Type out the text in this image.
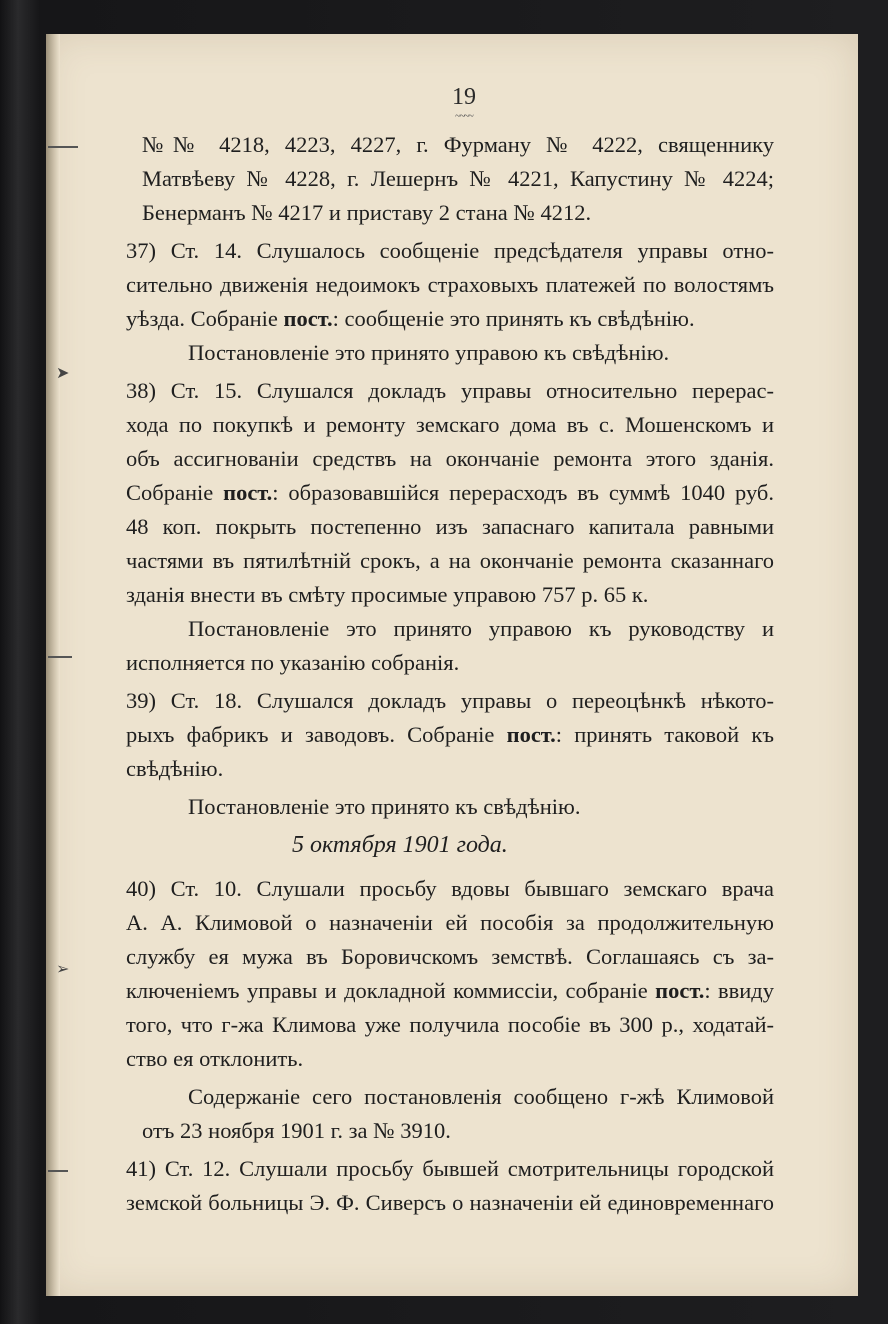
➤
➢
19
~~~~
№№ 4218, 4223, 4227, г. Фурману № 4222, священнику
Матвѣеву № 4228, г. Лешернъ № 4221, Капустину № 4224;
Бенерманъ № 4217 и приставу 2 стана № 4212.
37) Ст. 14. Слушалось сообщенiе предсѣдателя управы отно-
сительно движенiя недоимокъ страховыхъ платежей по волостямъ
уѣзда. Собранiе пост.: сообщенiе это принять къ свѣдѣнiю.
Постановленiе это принято управою къ свѣдѣнiю.
38) Ст. 15. Слушался докладъ управы относительно перерас-
хода по покупкѣ и ремонту земскаго дома въ с. Мошенскомъ и
объ ассигнованiи средствъ на окончанiе ремонта этого зданiя.
Собранiе пост.: образовавшiйся перерасходъ въ суммѣ 1040 руб.
48 коп. покрыть постепенно изъ запаснаго капитала равными
частями въ пятилѣтнiй срокъ, а на окончанiе ремонта сказаннаго
зданiя внести въ смѣту просимые управою 757 р. 65 к.
Постановленiе это принято управою къ руководству и
исполняется по указанiю собранiя.
39) Ст. 18. Слушался докладъ управы о переоцѣнкѣ нѣкото-
рыхъ фабрикъ и заводовъ. Собранiе пост.: принять таковой къ
свѣдѣнiю.
Постановленiе это принято къ свѣдѣнiю.
5 октября 1901 года.
40) Ст. 10. Слушали просьбу вдовы бывшаго земскаго врача
А. А. Климовой о назначенiи ей пособiя за продолжительную
службу ея мужа въ Боровичскомъ земствѣ. Соглашаясь съ за-
ключенiемъ управы и докладной коммиссiи, собранiе пост.: ввиду
того, что г-жа Климова уже получила пособiе въ 300 р., ходатай-
ство ея отклонить.
Содержанiе сего постановленiя сообщено г-жѣ Климовой
отъ 23 ноября 1901 г. за № 3910.
41) Ст. 12. Слушали просьбу бывшей смотрительницы городской
земской больницы Э. Ф. Сиверсъ о назначенiи ей единовременнаго
